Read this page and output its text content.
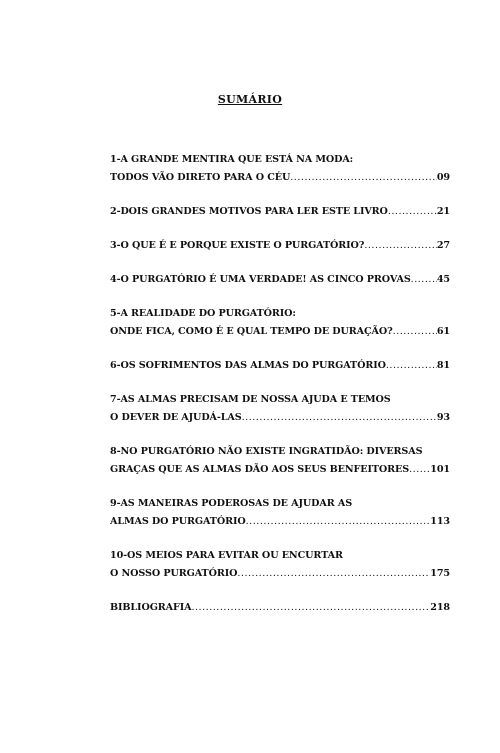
SUMÁRIO
1-A GRANDE MENTIRA QUE ESTÁ NA MODA:
TODOS VÃO DIRETO PARA O CÉU .....	09
2-DOIS GRANDES MOTIVOS PARA LER ESTE LIVRO .....	21
3-O QUE É E PORQUE EXISTE O PURGATÓRIO? .....	27
4-O PURGATÓRIO É UMA VERDADE! AS CINCO PROVAS .....	45
5-A REALIDADE DO PURGATÓRIO:
ONDE FICA, COMO É E QUAL TEMPO DE DURAÇÃO? .....	61
6-OS SOFRIMENTOS DAS ALMAS DO PURGATÓRIO .....	81
7-AS ALMAS PRECISAM DE NOSSA AJUDA E TEMOS
O DEVER DE AJUDÁ-LAS .....	93
8-NO PURGATÓRIO NÃO EXISTE INGRATIDÃO: DIVERSAS
GRAÇAS QUE AS ALMAS DÃO AOS SEUS BENFEITORES ..... 101
9-AS MANEIRAS PODEROSAS DE AJUDAR AS
ALMAS DO PURGATÓRIO .....	113
10-OS MEIOS PARA EVITAR OU ENCURTAR
O NOSSO PURGATÓRIO .....	175
BIBLIOGRAFIA .....	218
